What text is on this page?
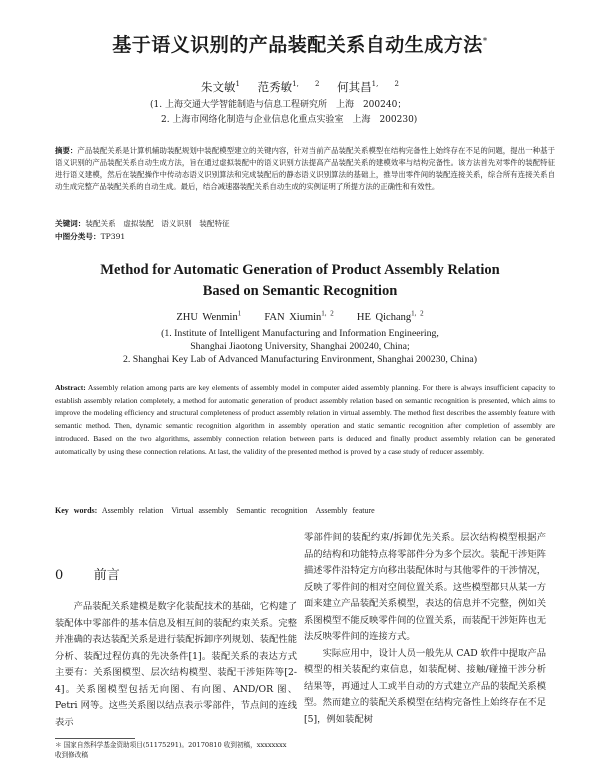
基于语义识别的产品装配关系自动生成方法*
朱文敏$^1$ 范秀敏$^{1, 2}$ 何其昌$^{1, 2}$
(1. 上海交通大学智能制造与信息工程研究所　上海　200240；
2. 上海市网络化制造与企业信息化重点实验室　上海　200230)
摘要：产品装配关系是计算机辅助装配规划中装配模型建立的关键内容，针对当前产品装配关系模型在结构完备性上始终存在不足的问题，提出一种基于语义识别的产品装配关系自动生成方法，旨在通过虚拟装配中的语义识别方法提高产品装配关系的建模效率与结构完备性。该方法首先对零件的装配特征进行语义建模，然后在装配操作中传动态语义识别算法和完成装配后的静态语义识别算法的基础上，推导出零件间的装配连接关系，综合所有连接关系自动生成完整产品装配关系的自动生成。最后，结合减速器装配关系自动生成的实例证明了所提方法的正确性和有效性。
关键词：装配关系　虚拟装配　语义识别　装配特征
中图分类号：TP391
Method for Automatic Generation of Product Assembly Relation
Based on Semantic Recognition
ZHU Wenmin$^1$ FAN Xiumin$^{1, 2}$ HE Qichang$^{1, 2}$
(1. Institute of Intelligent Manufacturing and Information Engineering,
Shanghai Jiaotong University, Shanghai 200240, China;
2. Shanghai Key Lab of Advanced Manufacturing Environment, Shanghai 200230, China)
Abstract: Assembly relation among parts are key elements of assembly model in computer aided assembly planning. For there is always insufficient capacity to establish assembly relation completely, a method for automatic generation of product assembly relation based on semantic recognition is presented, which aims to improve the modeling efficiency and structural completeness of product assembly relation in virtual assembly. The method first describes the assembly feature with semantic method. Then, dynamic semantic recognition algorithm in assembly operation and static semantic recognition after completion of assembly are introduced. Based on the two algorithms, assembly connection relation between parts is deduced and finally product assembly relation can be generated automatically by using these connection relations. At last, the validity of the presented method is proved by a case study of reducer assembly.
Key words: Assembly relation　Virtual assembly　Semantic recognition　Assembly feature
0 前言
产品装配关系建模是数字化装配技术的基础，它构建了装配体中零部件的基本信息及相互间的装配约束关系。完整并准确的表达装配关系是进行装配拆卸序列规划、装配性能分析、装配过程仿真的先决条件[1]。装配关系的表达方式主要有：关系图模型、层次结构模型、装配干涉矩阵等[2-4]。关系图模型包括无向图、有向图、AND/OR 图、Petri 网等。这些关系图以结点表示零部件，节点间的连线表示

零部件间的装配约束/拆卸优先关系。层次结构模型根据产品的结构和功能特点将零部件分为多个层次。装配干涉矩阵描述零件沿特定方向移出装配体时与其他零件的干涉情况，反映了零件间的相对空间位置关系。这些模型都只从某一方面来建立产品装配关系模型，表达的信息并不完整，例如关系图模型不能反映零件间的位置关系，而装配干涉矩阵也无法反映零件间的连接方式。

实际应用中，设计人员一般先从 CAD 软件中提取产品模型的相关装配约束信息，如装配树、接触/碰撞干涉分析结果等，再通过人工或半自动的方式建立产品的装配关系模型。然而建立的装配关系模型在结构完备性上始终存在不足[5]，例如装配树

＊ 国家自然科学基金资助项目(51175291)。20170810 收到初稿，xxxxxxxx 收到修改稿
